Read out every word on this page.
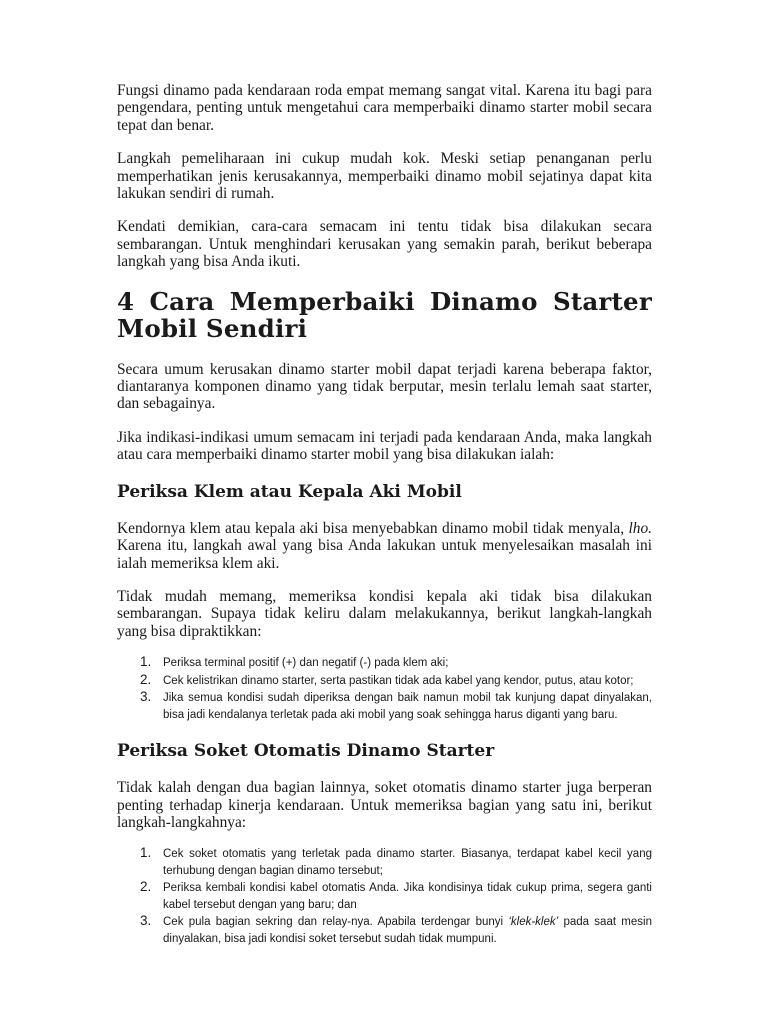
Fungsi dinamo pada kendaraan roda empat memang sangat vital. Karena itu bagi para pengendara, penting untuk mengetahui cara memperbaiki dinamo starter mobil secara tepat dan benar.

Langkah pemeliharaan ini cukup mudah kok. Meski setiap penanganan perlu memperhatikan jenis kerusakannya, memperbaiki dinamo mobil sejatinya dapat kita lakukan sendiri di rumah.

Kendati demikian, cara-cara semacam ini tentu tidak bisa dilakukan secara sembarangan. Untuk menghindari kerusakan yang semakin parah, berikut beberapa langkah yang bisa Anda ikuti.

4 Cara Memperbaiki Dinamo Starter
Mobil Sendiri

Secara umum kerusakan dinamo starter mobil dapat terjadi karena beberapa faktor, diantaranya komponen dinamo yang tidak berputar, mesin terlalu lemah saat starter, dan sebagainya.

Jika indikasi-indikasi umum semacam ini terjadi pada kendaraan Anda, maka langkah atau cara memperbaiki dinamo starter mobil yang bisa dilakukan ialah:

Periksa Klem atau Kepala Aki Mobil

Kendornya klem atau kepala aki bisa menyebabkan dinamo mobil tidak menyala, lho. Karena itu, langkah awal yang bisa Anda lakukan untuk menyelesaikan masalah ini ialah memeriksa klem aki.

Tidak mudah memang, memeriksa kondisi kepala aki tidak bisa dilakukan sembarangan. Supaya tidak keliru dalam melakukannya, berikut langkah-langkah yang bisa dipraktikkan:

1. Periksa terminal positif (+) dan negatif (-) pada klem aki;
2. Cek kelistrikan dinamo starter, serta pastikan tidak ada kabel yang kendor, putus, atau kotor;
3. Jika semua kondisi sudah diperiksa dengan baik namun mobil tak kunjung dapat dinyalakan, bisa jadi kendalanya terletak pada aki mobil yang soak sehingga harus diganti yang baru.
Periksa Soket Otomatis Dinamo Starter

Tidak kalah dengan dua bagian lainnya, soket otomatis dinamo starter juga berperan penting terhadap kinerja kendaraan. Untuk memeriksa bagian yang satu ini, berikut langkah-langkahnya:

1. Cek soket otomatis yang terletak pada dinamo starter. Biasanya, terdapat kabel kecil yang terhubung dengan bagian dinamo tersebut;
2. Periksa kembali kondisi kabel otomatis Anda. Jika kondisinya tidak cukup prima, segera ganti kabel tersebut dengan yang baru; dan
3. Cek pula bagian sekring dan relay-nya. Apabila terdengar bunyi ‘klek-klek’ pada saat mesin dinyalakan, bisa jadi kondisi soket tersebut sudah tidak mumpuni.
